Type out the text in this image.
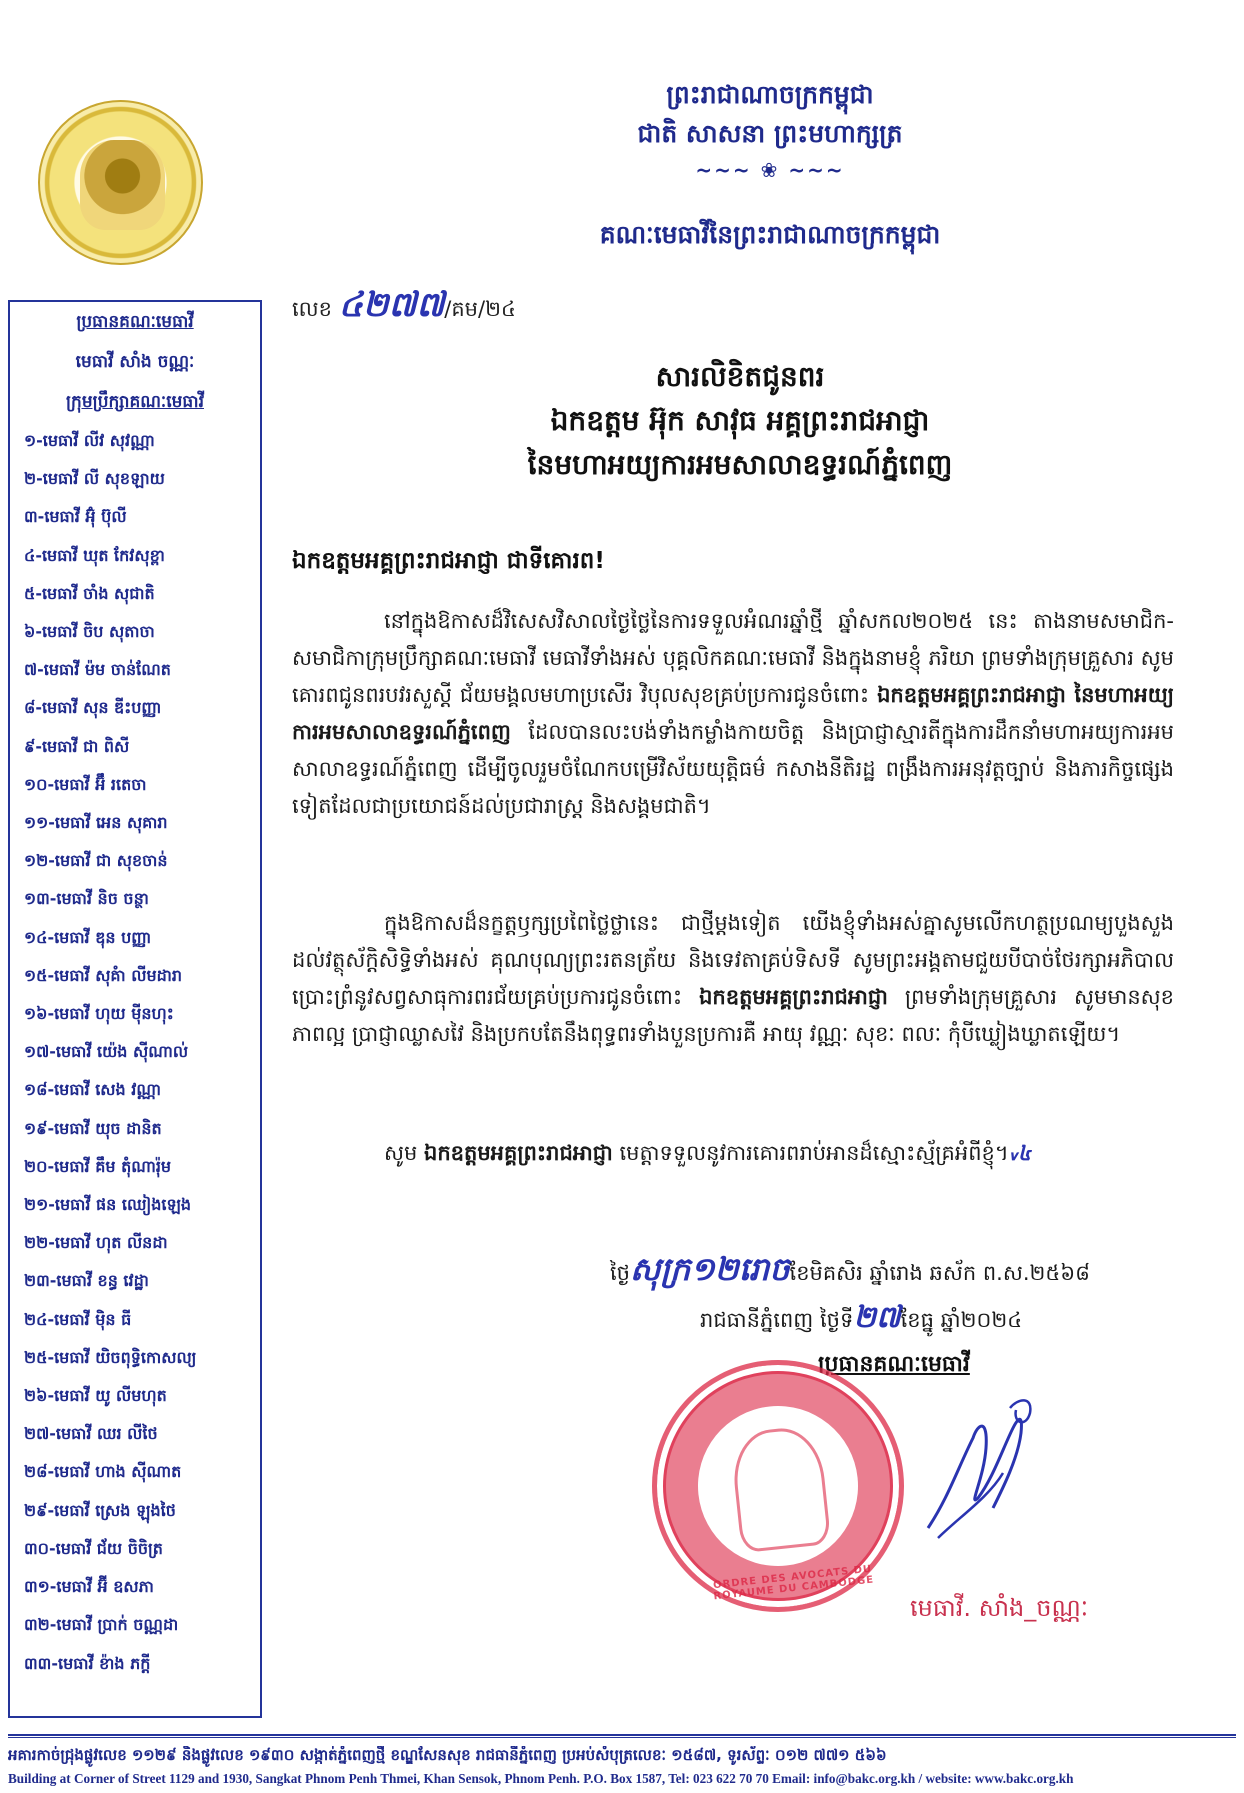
ព្រះរាជាណាចក្រកម្ពុជា
ជាតិ សាសនា ព្រះមហាក្សត្រ
~~~ ❀ ~~~
គណៈមេធាវីនៃព្រះរាជាណាចក្រកម្ពុជា
ប្រធានគណៈមេធាវី
មេធាវី សាំង ចណ្ណៈ
ក្រុមប្រឹក្សាគណៈមេធាវី
១-មេធាវី លីវ សុវណ្ណា
២-មេធាវី លី សុខឡាយ
៣-មេធាវី អ៊ុំ ប៊ុលី
៤-មេធាវី ឃុត កែវសុខ្ពា
៥-មេធាវី ចាំង សុជាតិ
៦-មេធាវី ចិប សុតាចា
៧-មេធាវី ម៉ម ចាន់ណែត
៨-មេធាវី សុន ឌីះបញ្ញា
៩-មេធាវី ជា ពិសី
១០-មេធាវី អ៊ឹ រតេចា
១១-មេធាវី អេន សុគារា
១២-មេធាវី ជា សុខចាន់
១៣-មេធាវី និច ចន្ថា
១៤-មេធាវី ឌុន បញ្ញា
១៥-មេធាវី សុគំា លីមដារា
១៦-មេធាវី ហុយ ម៉ីនហុះ
១៧-មេធាវី យ៉េង ស៊ីណាល់
១៨-មេធាវី សេង វណ្ណា
១៩-មេធាវី យុច ដានិត
២០-មេធាវី គឹម តុំណារ៉ុម
២១-មេធាវី ផន ឈៀងឡេង
២២-មេធាវី ហុត លីនដា
២៣-មេធាវី ខន្ធ វេដ្ឋា
២៤-មេធាវី ម៉ិន ធី
២៥-មេធាវី យិចពុទ្ធិកោសល្យ
២៦-មេធាវី យូ លីមហុត
២៧-មេធាវី ឈរ លីថៃ
២៨-មេធាវី ហាង ស៊ីណាត
២៩-មេធាវី ស្រេង ឡុងថៃ
៣០-មេធាវី ជ័យ ចិចិត្រ
៣១-មេធាវី អ៊ី ឧសភា
៣២-មេធាវី ប្រាក់ ចណ្ណដា
៣៣-មេធាវី ខ៉ាង ភក្តី
លេខ ៤២៧៧/គម/២៤
សារលិខិតជូនពរ
ឯកឧត្តម អ៊ុក សាវុធ អគ្គព្រះរាជអាជ្ញា
នៃមហាអយ្យការអមសាលាឧទ្ធរណ៍ភ្នំពេញ
ឯកឧត្តមអគ្គព្រះរាជអាជ្ញា ជាទីគោរព!
នៅក្នុងឱកាសដ៏វិសេសវិសាលថ្ងៃថ្លៃនៃការទទួលអំណរឆ្នាំថ្មី ឆ្នាំសកល២០២៥ នេះ តាងនាមសមាជិក-សមាជិកាក្រុមប្រឹក្សាគណៈមេធាវី មេធាវីទាំងអស់ បុគ្គលិកគណៈមេធាវី និងក្នុងនាមខ្ញុំ ភរិយា ព្រមទាំងក្រុមគ្រួសារ សូមគោរពជូនពរបវរសួស្តី ជ័យមង្គលមហាប្រសើរ វិបុលសុខគ្រប់ប្រការជូនចំពោះ ឯកឧត្តមអគ្គព្រះរាជអាជ្ញា នៃមហាអយ្យការអមសាលាឧទ្ធរណ៍ភ្នំពេញ ដែលបានលះបង់ទាំងកម្លាំងកាយចិត្ត និងប្រាជ្ញាស្មារតីក្នុងការដឹកនាំមហាអយ្យការអមសាលាឧទ្ធរណ៍ភ្នំពេញ ដើម្បីចូលរួមចំណែកបម្រើវិស័យយុត្តិធម៌ កសាងនីតិរដ្ឋ ពង្រឹងការអនុវត្តច្បាប់ និងភារកិច្ចផ្សេងទៀតដែលជាប្រយោជន៍ដល់ប្រជារាស្ត្រ និងសង្គមជាតិ។
ក្នុងឱកាសដ៏នក្ខត្តឫក្សប្រពៃថ្លៃថ្លានេះ ជាថ្មីម្តងទៀត យើងខ្ញុំទាំងអស់គ្នាសូមលើកហត្ថប្រណម្យបួងសួងដល់វត្ថុស័ក្តិសិទ្ធិទាំងអស់ គុណបុណ្យព្រះរតនត្រ័យ និងទេវតាគ្រប់ទិសទី សូមព្រះអង្គតាមជួយបីបាច់ថែរក្សាអភិបាល ប្រោះព្រំនូវសព្វសាធុការពរជ័យគ្រប់ប្រការជូនចំពោះ ឯកឧត្តមអគ្គព្រះរាជអាជ្ញា ព្រមទាំងក្រុមគ្រួសារ សូមមានសុខភាពល្អ ប្រាជ្ញាឈ្លាសវៃ និងប្រកបតែនឹងពុទ្ធពរទាំងបួនប្រការគឺ អាយុ វណ្ណៈ សុខៈ ពលៈ កុំបីឃ្លៀងឃ្លាតឡើយ។
សូម ឯកឧត្តមអគ្គព្រះរាជអាជ្ញា មេត្តាទទួលនូវការគោរពរាប់អានដ៏ស្មោះស្ម័គ្រអំពីខ្ញុំ។៴៤
ថ្ងៃសុក្រ១២រោចខែមិគសិរ ឆ្នាំរោង ឆស័ក ព.ស.២៥៦៨
រាជធានីភ្នំពេញ ថ្ងៃទី២៧ខែធ្នូ ឆ្នាំ២០២៤
ប្រធានគណៈមេធាវី
ORDRE DES AVOCATS DU ROYAUME DU CAMBODGE
មេធាវី. សាំង_ចណ្ណៈ
អគារកាច់ជ្រុងផ្លូវលេខ ១១២៩ និងផ្លូវលេខ ១៩៣០ សង្កាត់ភ្នំពេញថ្មី ខណ្ឌសែនសុខ រាជធានីភ្នំពេញ ប្រអប់សំបុត្រលេខៈ ១៥៨៧, ទូរស័ព្ទៈ ០១២ ៧៧១ ៥៦៦
Building at Corner of Street 1129 and 1930, Sangkat Phnom Penh Thmei, Khan Sensok, Phnom Penh. P.O. Box 1587, Tel: 023 622 70 70 Email: info@bakc.org.kh / website: www.bakc.org.kh
